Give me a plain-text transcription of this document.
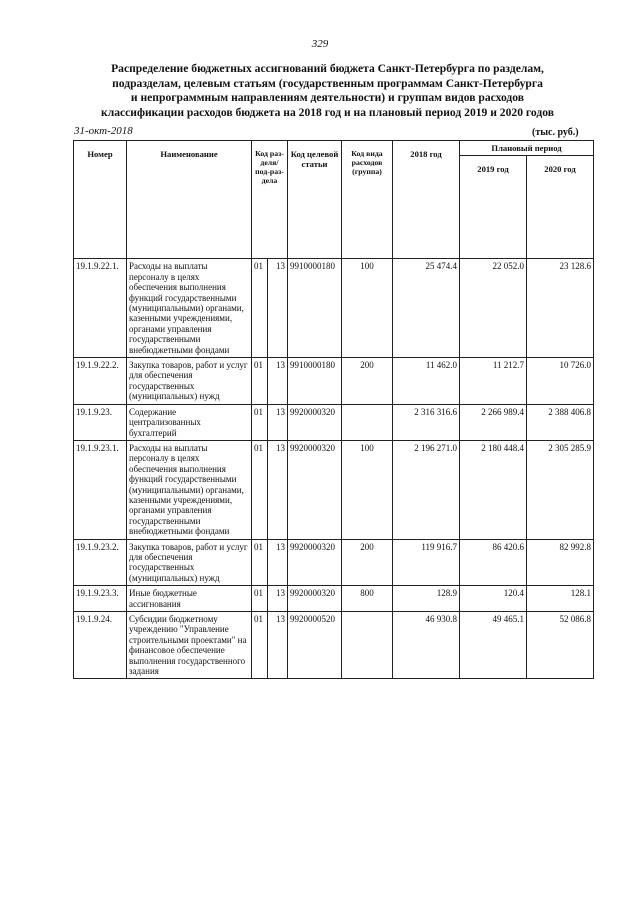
329
Распределение бюджетных ассигнований бюджета Санкт-Петербурга по разделам,
подразделам, целевым статьям (государственным программам Санкт-Петербурга
и непрограммным направлениям деятельности) и группам видов расходов
классификации расходов бюджета на 2018 год и на плановый период 2019 и 2020 годов
31-окт-2018	(тыс. руб.)
Номер	Наименование	Код раз-деля/ под-раз-дела		Код целевой статьи	Код вида расходов (группа)	2018 год	Плановый период	
							2019 год	2020 год
19.1.9.22.1.	Расходы на выплаты персоналу в целях обеспечения выполнения функций государственными (муниципальными) органами, казенными учреждениями, органами управления государственными внебюджетными фондами	01	13	9910000180	100	25 474.4	22 052.0	23 128.6
19.1.9.22.2.	Закупка товаров, работ и услуг для обеспечения государственных (муниципальных) нужд	01	13	9910000180	200	11 462.0	11 212.7	10 726.0
19.1.9.23.	Содержание централизованных бухгалтерий	01	13	9920000320		2 316 316.6	2 266 989.4	2 388 406.8
19.1.9.23.1.	Расходы на выплаты персоналу в целях обеспечения выполнения функций государственными (муниципальными) органами, казенными учреждениями, органами управления государственными внебюджетными фондами	01	13	9920000320	100	2 196 271.0	2 180 448.4	2 305 285.9
19.1.9.23.2.	Закупка товаров, работ и услуг для обеспечения государственных (муниципальных) нужд	01	13	9920000320	200	119 916.7	86 420.6	82 992.8
19.1.9.23.3.	Иные бюджетные ассигнования	01	13	9920000320	800	128.9	120.4	128.1
19.1.9.24.	Субсидии бюджетному учреждению "Управление строительными проектами" на финансовое обеспечение выполнения государственного задания	01	13	9920000520		46 930.8	49 465.1	52 086.8
